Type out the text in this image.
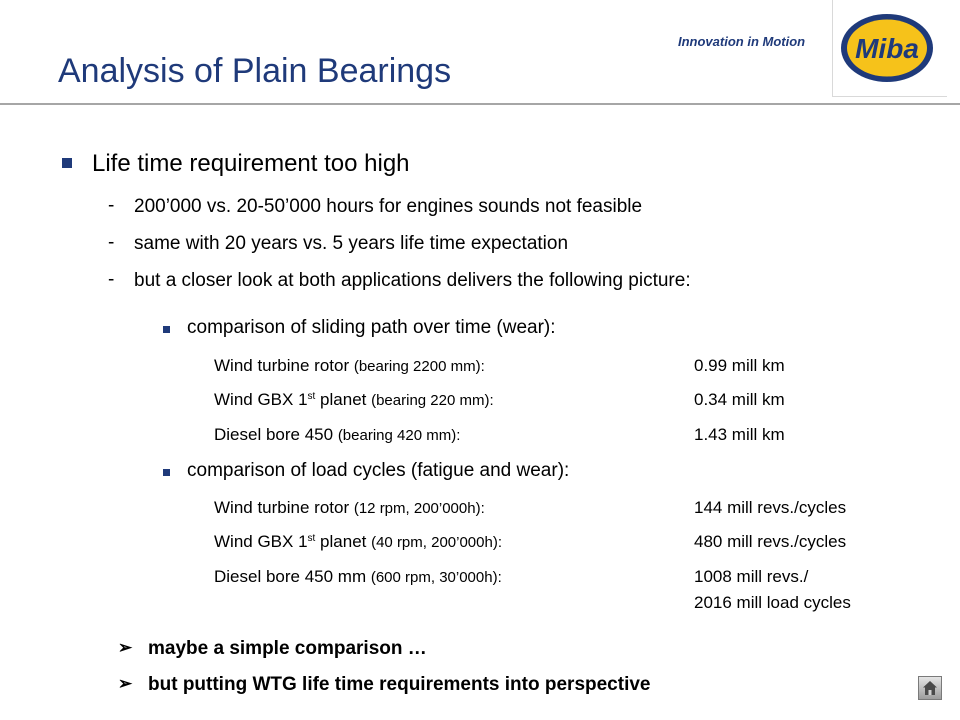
Innovation in Motion	Miba
Analysis of Plain Bearings
Life time requirement too high
- 200’000 vs. 20-50’000 hours for engines sounds not feasible
- same with 20 years vs. 5 years life time expectation
- but a closer look at both applications delivers the following picture:
comparison of sliding path over time (wear):
Wind turbine rotor (bearing 2200 mm):	0.99 mill km
Wind GBX 1st planet (bearing 220 mm):	0.34 mill km
Diesel bore 450 (bearing 420 mm):	1.43 mill km
comparison of load cycles (fatigue and wear):
Wind turbine rotor (12 rpm, 200’000h):	144 mill revs./cycles
Wind GBX 1st planet (40 rpm, 200’000h):	480 mill revs./cycles
Diesel bore 450 mm (600 rpm, 30’000h):	1008 mill revs./
2016 mill load cycles
➢ maybe a simple comparison …
➢ but putting WTG life time requirements into perspective
